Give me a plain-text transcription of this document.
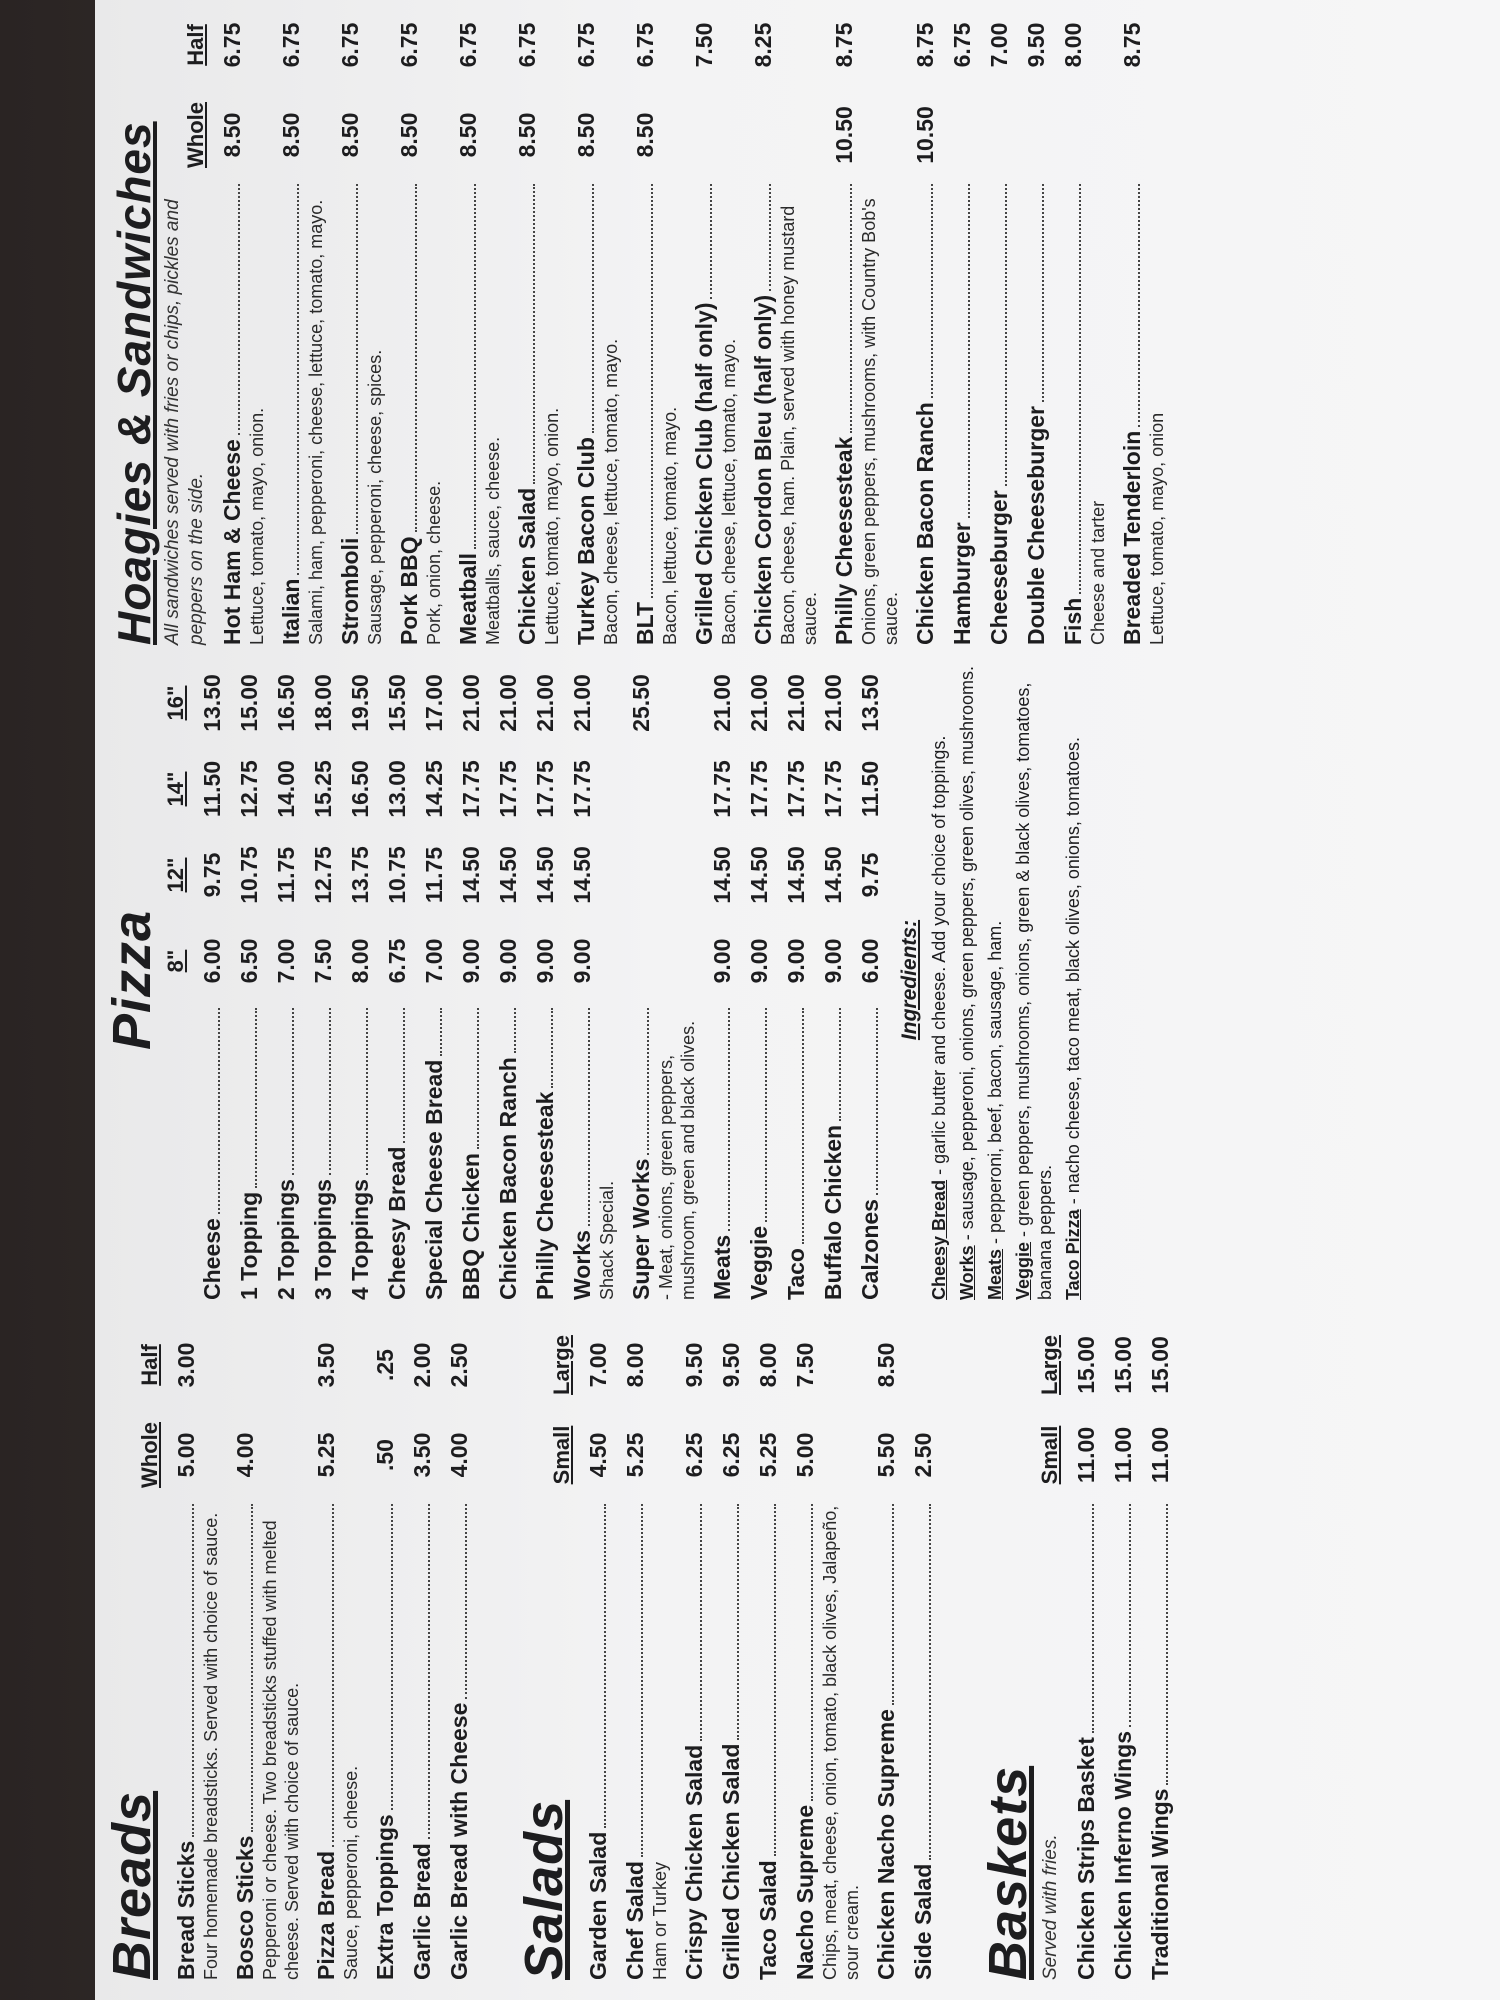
Breads
Whole
Half
Bread Sticks Four homemade breadsticks. Served with choice of sauce.
5.00
3.00
Bosco Sticks Pepperoni or cheese. Two breadsticks stuffed with melted cheese. Served with choice of sauce.
4.00
Pizza Bread Sauce, pepperoni, cheese.
5.25
3.50
Extra Toppings
.50
.25
Garlic Bread
3.50
2.00
Garlic Bread with Cheese
4.00
2.50
Salads
Small
Large
Garden Salad
4.50
7.00
Chef Salad Ham or Turkey
5.25
8.00
Crispy Chicken Salad
6.25
9.50
Grilled Chicken Salad
6.25
9.50
Taco Salad
5.25
8.00
Nacho Supreme Chips, meat, cheese, onion, tomato, black olives, Jalapeño, sour cream.
5.00
7.50
Chicken Nacho Supreme
5.50
8.50
Side Salad
2.50
Baskets Served with fries.
Small
Large
Chicken Strips Basket
11.00
15.00
Chicken Inferno Wings
11.00
15.00
Traditional Wings
11.00
15.00
Pizza 8"
12"
14"
16"
Cheese
6.00
9.75
11.50
13.50
1 Topping
6.50
10.75
12.75
15.00
2 Toppings
7.00
11.75
14.00
16.50
3 Toppings
7.50
12.75
15.25
18.00
4 Toppings
8.00
13.75
16.50
19.50
Cheesy Bread
6.75
10.75
13.00
15.50
Special Cheese Bread
7.00
11.75
14.25
17.00
BBQ Chicken
9.00
14.50
17.75
21.00
Chicken Bacon Ranch
9.00
14.50
17.75
21.00
Philly Cheesesteak
9.00
14.50
17.75
21.00
Works Shack Special.
9.00
14.50
17.75
21.00
Super Works - Meat, onions, green peppers, mushroom, green and black olives.
25.50
Meats
9.00
14.50
17.75
21.00
Veggie
9.00
14.50
17.75
21.00
Taco
9.00
14.50
17.75
21.00
Buffalo Chicken
9.00
14.50
17.75
21.00
Calzones
6.00
9.75
11.50
13.50
Ingredients:
Cheesy Bread - garlic butter and cheese. Add your choice of toppings.
Works - sausage, pepperoni, onions, green peppers, green olives, mushrooms.
Meats - pepperoni, beef, bacon, sausage, ham.
Veggie - green peppers, mushrooms, onions, green & black olives, tomatoes, banana peppers. Taco Pizza - nacho cheese, taco meat, black olives, onions, tomatoes.
Hoagies & Sandwiches All sandwiches served with fries or chips, pickles and peppers on the side.
Whole
Half
Hot Ham & Cheese Lettuce, tomato, mayo, onion.
8.50
6.75
Italian Salami, ham, pepperoni, cheese, lettuce, tomato, mayo.
8.50
6.75
Stromboli Sausage, pepperoni, cheese, spices.
8.50
6.75
Pork BBQ Pork, onion, cheese.
8.50
6.75
Meatball Meatballs, sauce, cheese.
8.50
6.75
Chicken Salad Lettuce, tomato, mayo, onion.
8.50
6.75
Turkey Bacon Club Bacon, cheese, lettuce, tomato, mayo.
8.50
6.75
BLT Bacon, lettuce, tomato, mayo.
8.50
6.75
Grilled Chicken Club (half only) Bacon, cheese, lettuce, tomato, mayo.
7.50
Chicken Cordon Bleu (half only) Bacon, cheese, ham. Plain, served with honey mustard sauce.
8.25
Philly Cheesesteak Onions, green peppers, mushrooms, with Country Bob's sauce.
10.50
8.75
Chicken Bacon Ranch
10.50
8.75
Hamburger
6.75
Cheeseburger
7.00
Double Cheeseburger
9.50
Fish Cheese and tarter
8.00
Breaded Tenderloin Lettuce, tomato, mayo, onion
8.75
